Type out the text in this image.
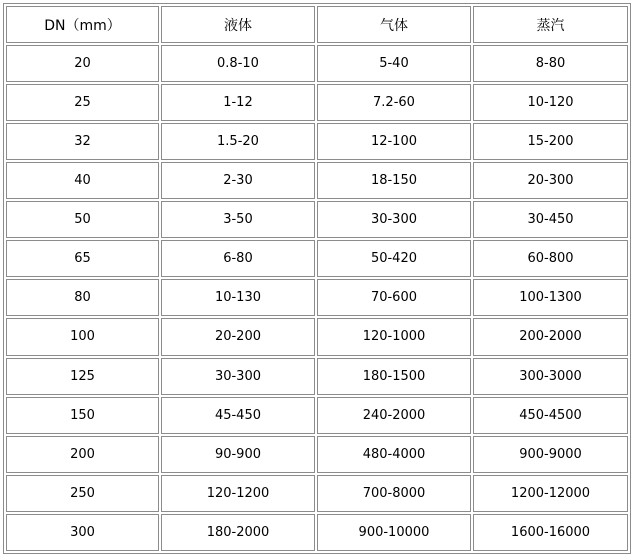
DN（mm）	液体	气体	蒸汽
20	0.8-10	5-40	8-80
25	1-12	7.2-60	10-120
32	1.5-20	12-100	15-200
40	2-30	18-150	20-300
50	3-50	30-300	30-450
65	6-80	50-420	60-800
80	10-130	70-600	100-1300
100	20-200	120-1000	200-2000
125	30-300	180-1500	300-3000
150	45-450	240-2000	450-4500
200	90-900	480-4000	900-9000
250	120-1200	700-8000	1200-12000
300	180-2000	900-10000	1600-16000
